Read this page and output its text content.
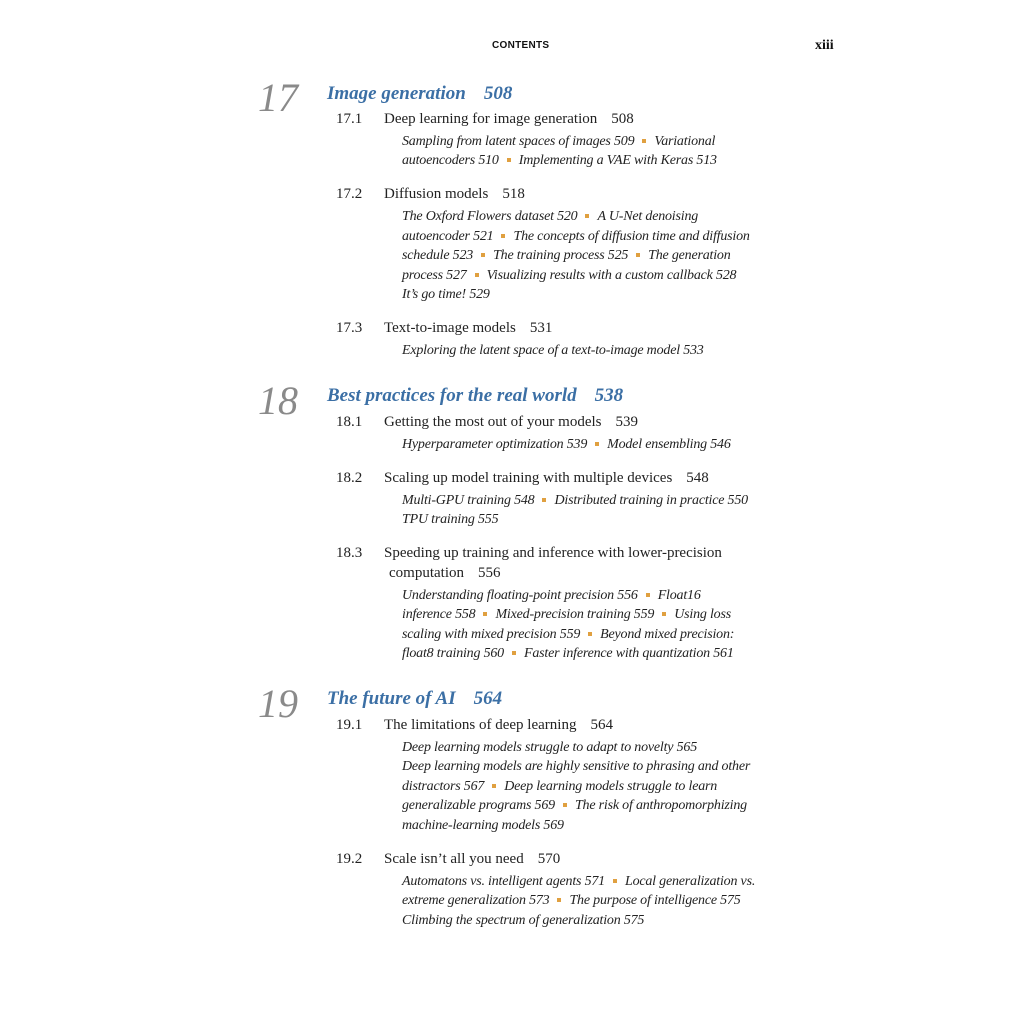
CONTENTS	xiii
17 Image generation 508
17.1 Deep learning for image generation 508
Sampling from latent spaces of images 509 Variational
autoencoders 510 Implementing a VAE with Keras 513
17.2 Diffusion models 518
The Oxford Flowers dataset 520 A U-Net denoising
autoencoder 521 The concepts of diffusion time and diffusion
schedule 523 The training process 525 The generation
process 527 Visualizing results with a custom callback 528
It’s go time! 529
17.3 Text-to-image models 531
Exploring the latent space of a text-to-image model 533
18 Best practices for the real world 538
18.1 Getting the most out of your models 539
Hyperparameter optimization 539 Model ensembling 546
18.2 Scaling up model training with multiple devices 548
Multi-GPU training 548 Distributed training in practice 550
TPU training 555
18.3 Speeding up training and inference with lower-precision
computation 556
Understanding floating-point precision 556 Float16
inference 558 Mixed-precision training 559 Using loss
scaling with mixed precision 559 Beyond mixed precision:
float8 training 560 Faster inference with quantization 561
19 The future of AI 564
19.1 The limitations of deep learning 564
Deep learning models struggle to adapt to novelty 565
Deep learning models are highly sensitive to phrasing and other
distractors 567 Deep learning models struggle to learn
generalizable programs 569 The risk of anthropomorphizing
machine-learning models 569
19.2 Scale isn’t all you need 570
Automatons vs. intelligent agents 571 Local generalization vs.
extreme generalization 573 The purpose of intelligence 575
Climbing the spectrum of generalization 575
